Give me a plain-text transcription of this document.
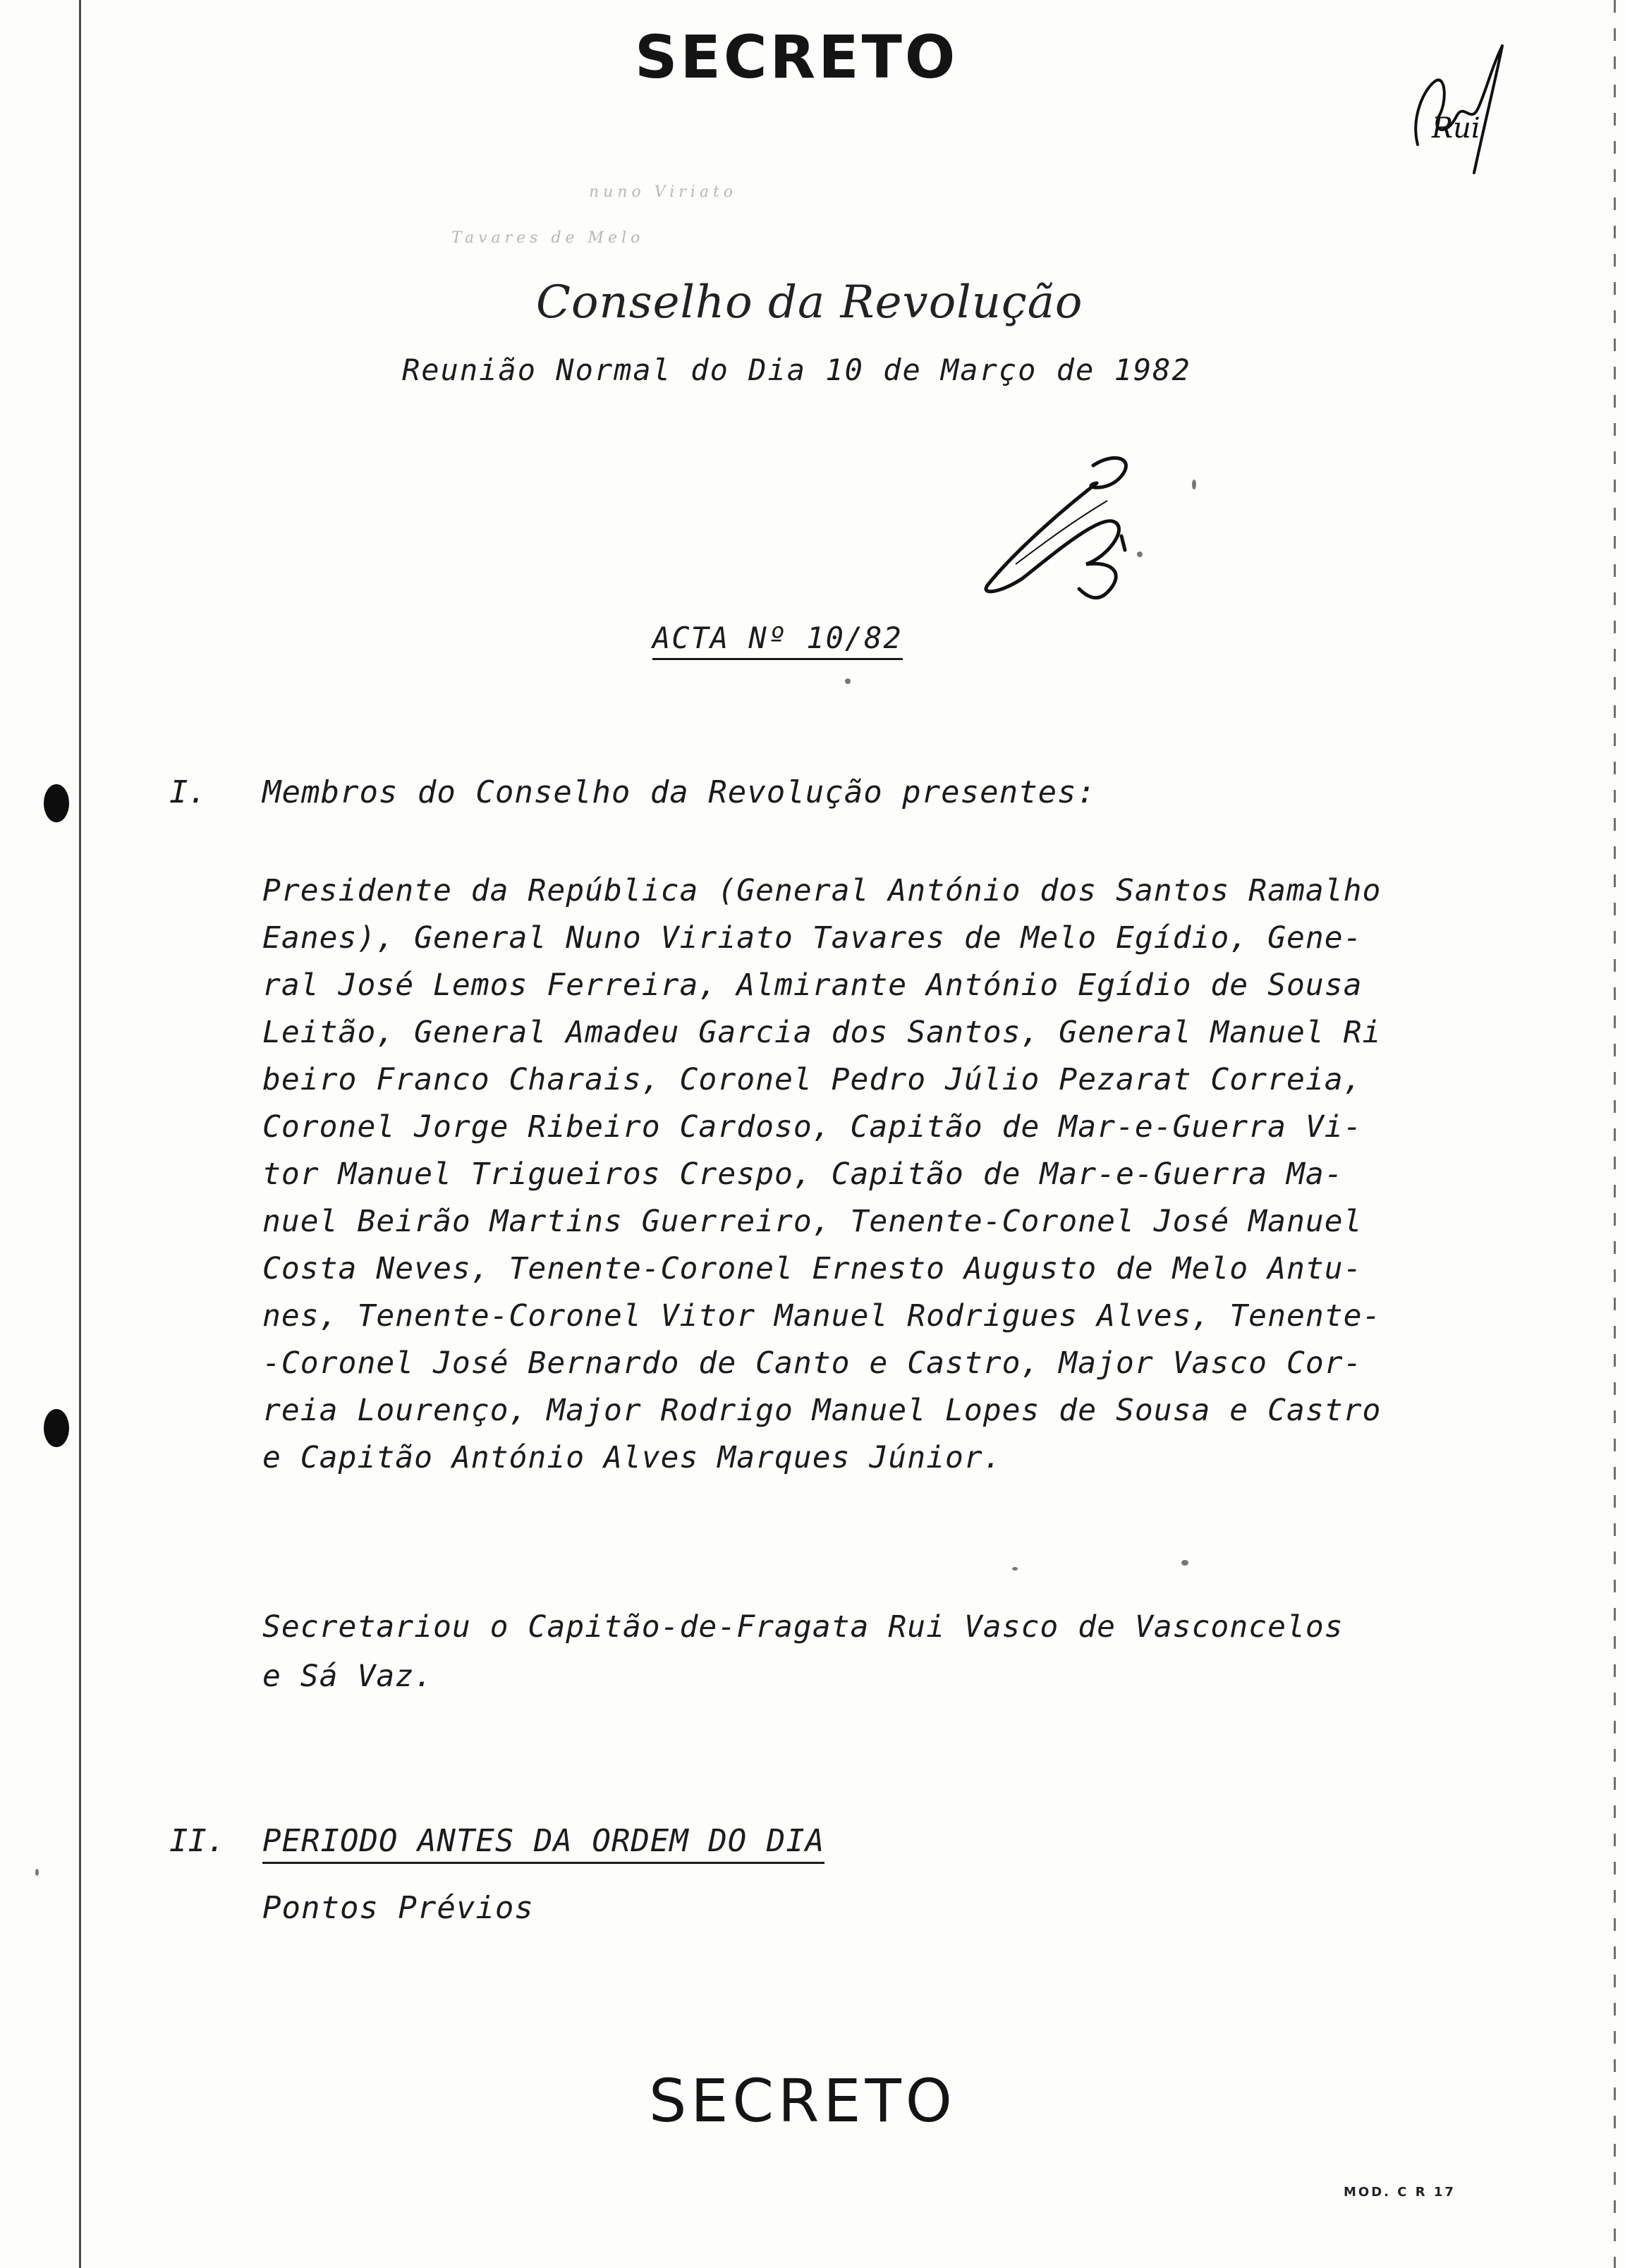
SECRETO
Rui
nuno Viriato
Tavares de Melo
Conselho da Revolução
Reunião Normal do Dia 10 de Março de 1982
ACTA Nº 10/82
I. Membros do Conselho da Revolução presentes:
Presidente da República (General António dos Santos Ramalho
Eanes), General Nuno Viriato Tavares de Melo Egídio, Gene-
ral José Lemos Ferreira, Almirante António Egídio de Sousa
Leitão, General Amadeu Garcia dos Santos, General Manuel Ri
beiro Franco Charais, Coronel Pedro Júlio Pezarat Correia,
Coronel Jorge Ribeiro Cardoso, Capitão de Mar-e-Guerra Vi-
tor Manuel Trigueiros Crespo, Capitão de Mar-e-Guerra Ma-
nuel Beirão Martins Guerreiro, Tenente-Coronel José Manuel
Costa Neves, Tenente-Coronel Ernesto Augusto de Melo Antu-
nes, Tenente-Coronel Vitor Manuel Rodrigues Alves, Tenente-
-Coronel José Bernardo de Canto e Castro, Major Vasco Cor-
reia Lourenço, Major Rodrigo Manuel Lopes de Sousa e Castro
e Capitão António Alves Marques Júnior.
Secretariou o Capitão-de-Fragata Rui Vasco de Vasconcelos
e Sá Vaz.
II. PERIODO ANTES DA ORDEM DO DIA
Pontos Prévios
SECRETO
MOD. C R 17
